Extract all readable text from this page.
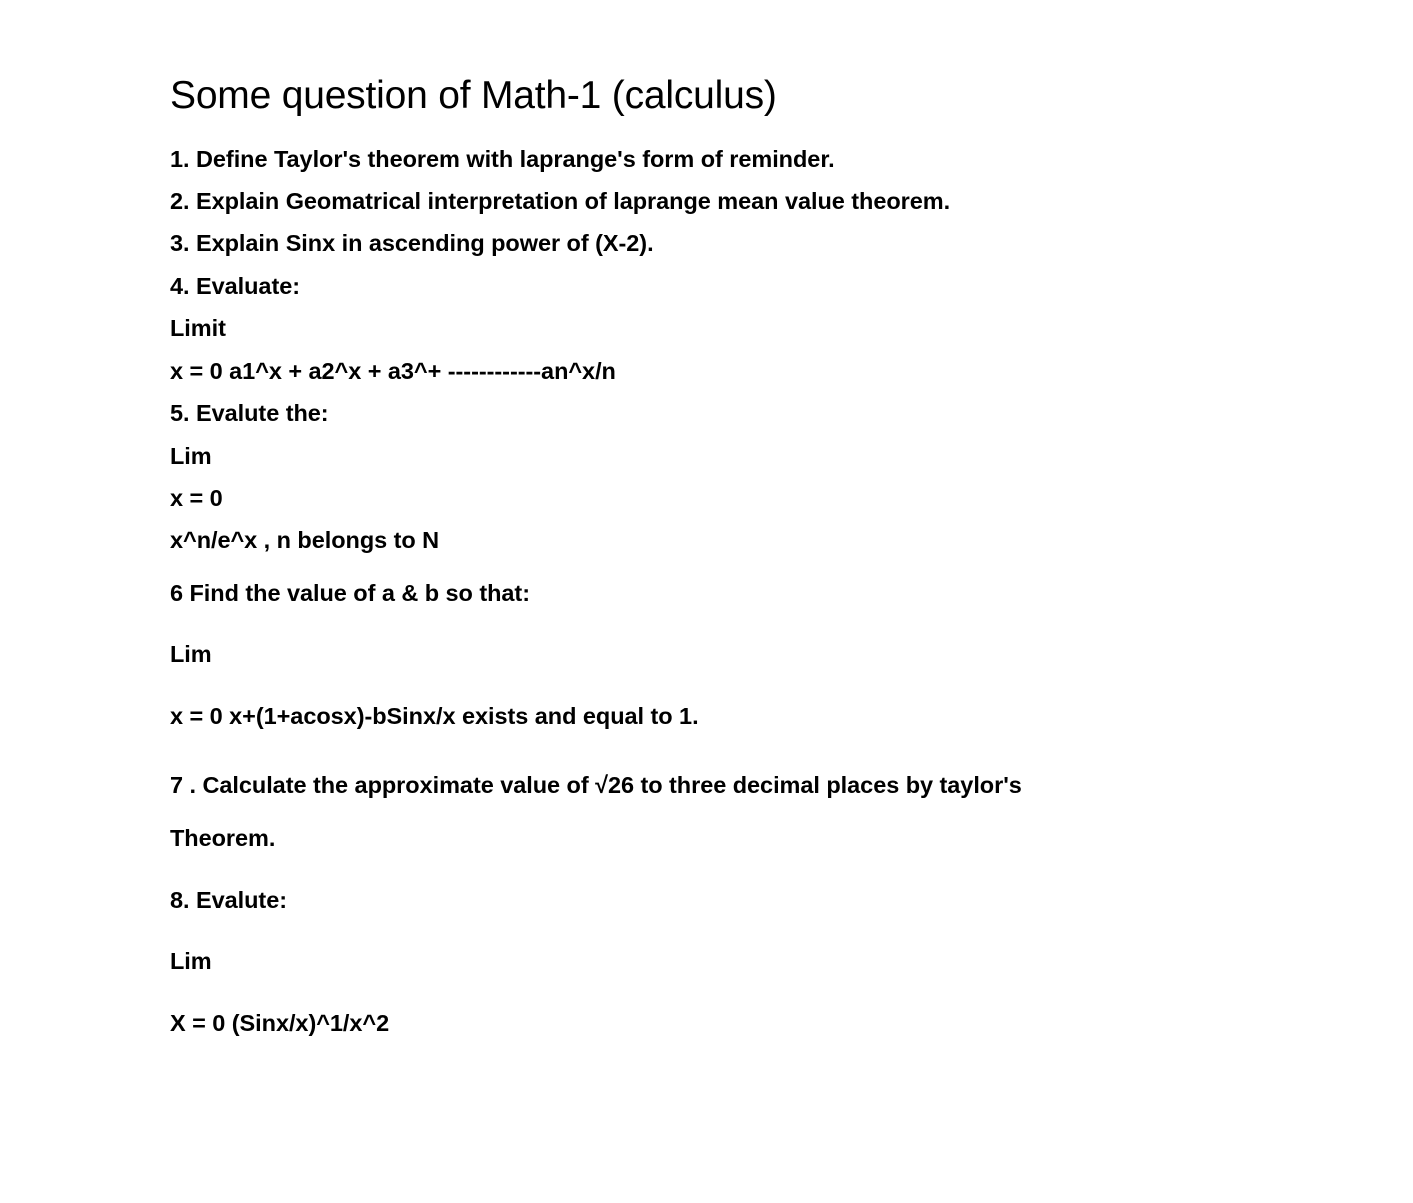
Some question of Math-1 (calculus)

1. Define Taylor's theorem with laprange's form of reminder.

2. Explain Geomatrical interpretation of laprange mean value theorem.

3. Explain Sinx in ascending power of (X-2).

4. Evaluate:

Limit

x = 0 a1^x + a2^x + a3^+ ------------an^x/n

5. Evalute the:

Lim

x = 0

x^n/e^x , n belongs to N

6 Find the value of a & b so that:

Lim

x = 0 x+(1+acosx)-bSinx/x exists and equal to 1.

7 . Calculate the approximate value of √26 to three decimal places by taylor's

Theorem.

8. Evalute:

Lim

X = 0 (Sinx/x)^1/x^2
